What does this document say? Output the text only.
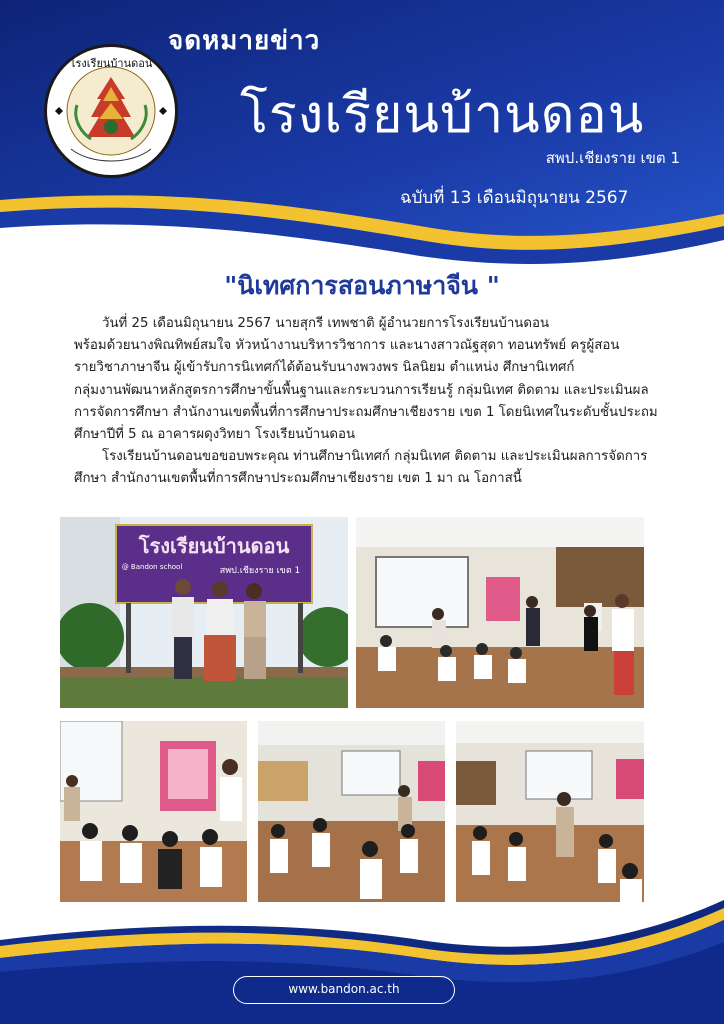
โรงเรียนบ้านดอน
จดหมายข่าว
โรงเรียนบ้านดอน
สพป.เชียงราย เขต 1
ฉบับที่ 13 เดือนมิถุนายน 2567
"นิเทศการสอนภาษาจีน "

วันที่ 25 เดือนมิถุนายน 2567 นายสุกรี เทพชาติ ผู้อำนวยการโรงเรียนบ้านดอน

พร้อมด้วยนางพิณทิพย์สมใจ หัวหน้างานบริหารวิชาการ และนางสาวณัฐสุดา ทอนทรัพย์ ครูผู้สอน

รายวิชาภาษาจีน ผู้เข้ารับการนิเทศก์ได้ต้อนรับนางพวงพร นิลนิยม ตำแหน่ง ศึกษานิเทศก์

กลุ่มงานพัฒนาหลักสูตรการศึกษาขั้นพื้นฐานและกระบวนการเรียนรู้ กลุ่มนิเทศ ติดตาม และประเมินผล

การจัดการศึกษา สำนักงานเขตพื้นที่การศึกษาประถมศึกษาเชียงราย เขต 1 โดยนิเทศในระดับชั้นประถม

ศึกษาปีที่ 5 ณ อาคารผดุงวิทยา โรงเรียนบ้านดอน

โรงเรียนบ้านดอนขอขอบพระคุณ ท่านศึกษานิเทศก์ กลุ่มนิเทศ ติดตาม และประเมินผลการจัดการ

ศึกษา สำนักงานเขตพื้นที่การศึกษาประถมศึกษาเชียงราย เขต 1 มา ณ โอกาสนี้

โรงเรียนบ้านดอน
@ Bandon school	สพป.เชียงราย เขต 1
www.bandon.ac.th
